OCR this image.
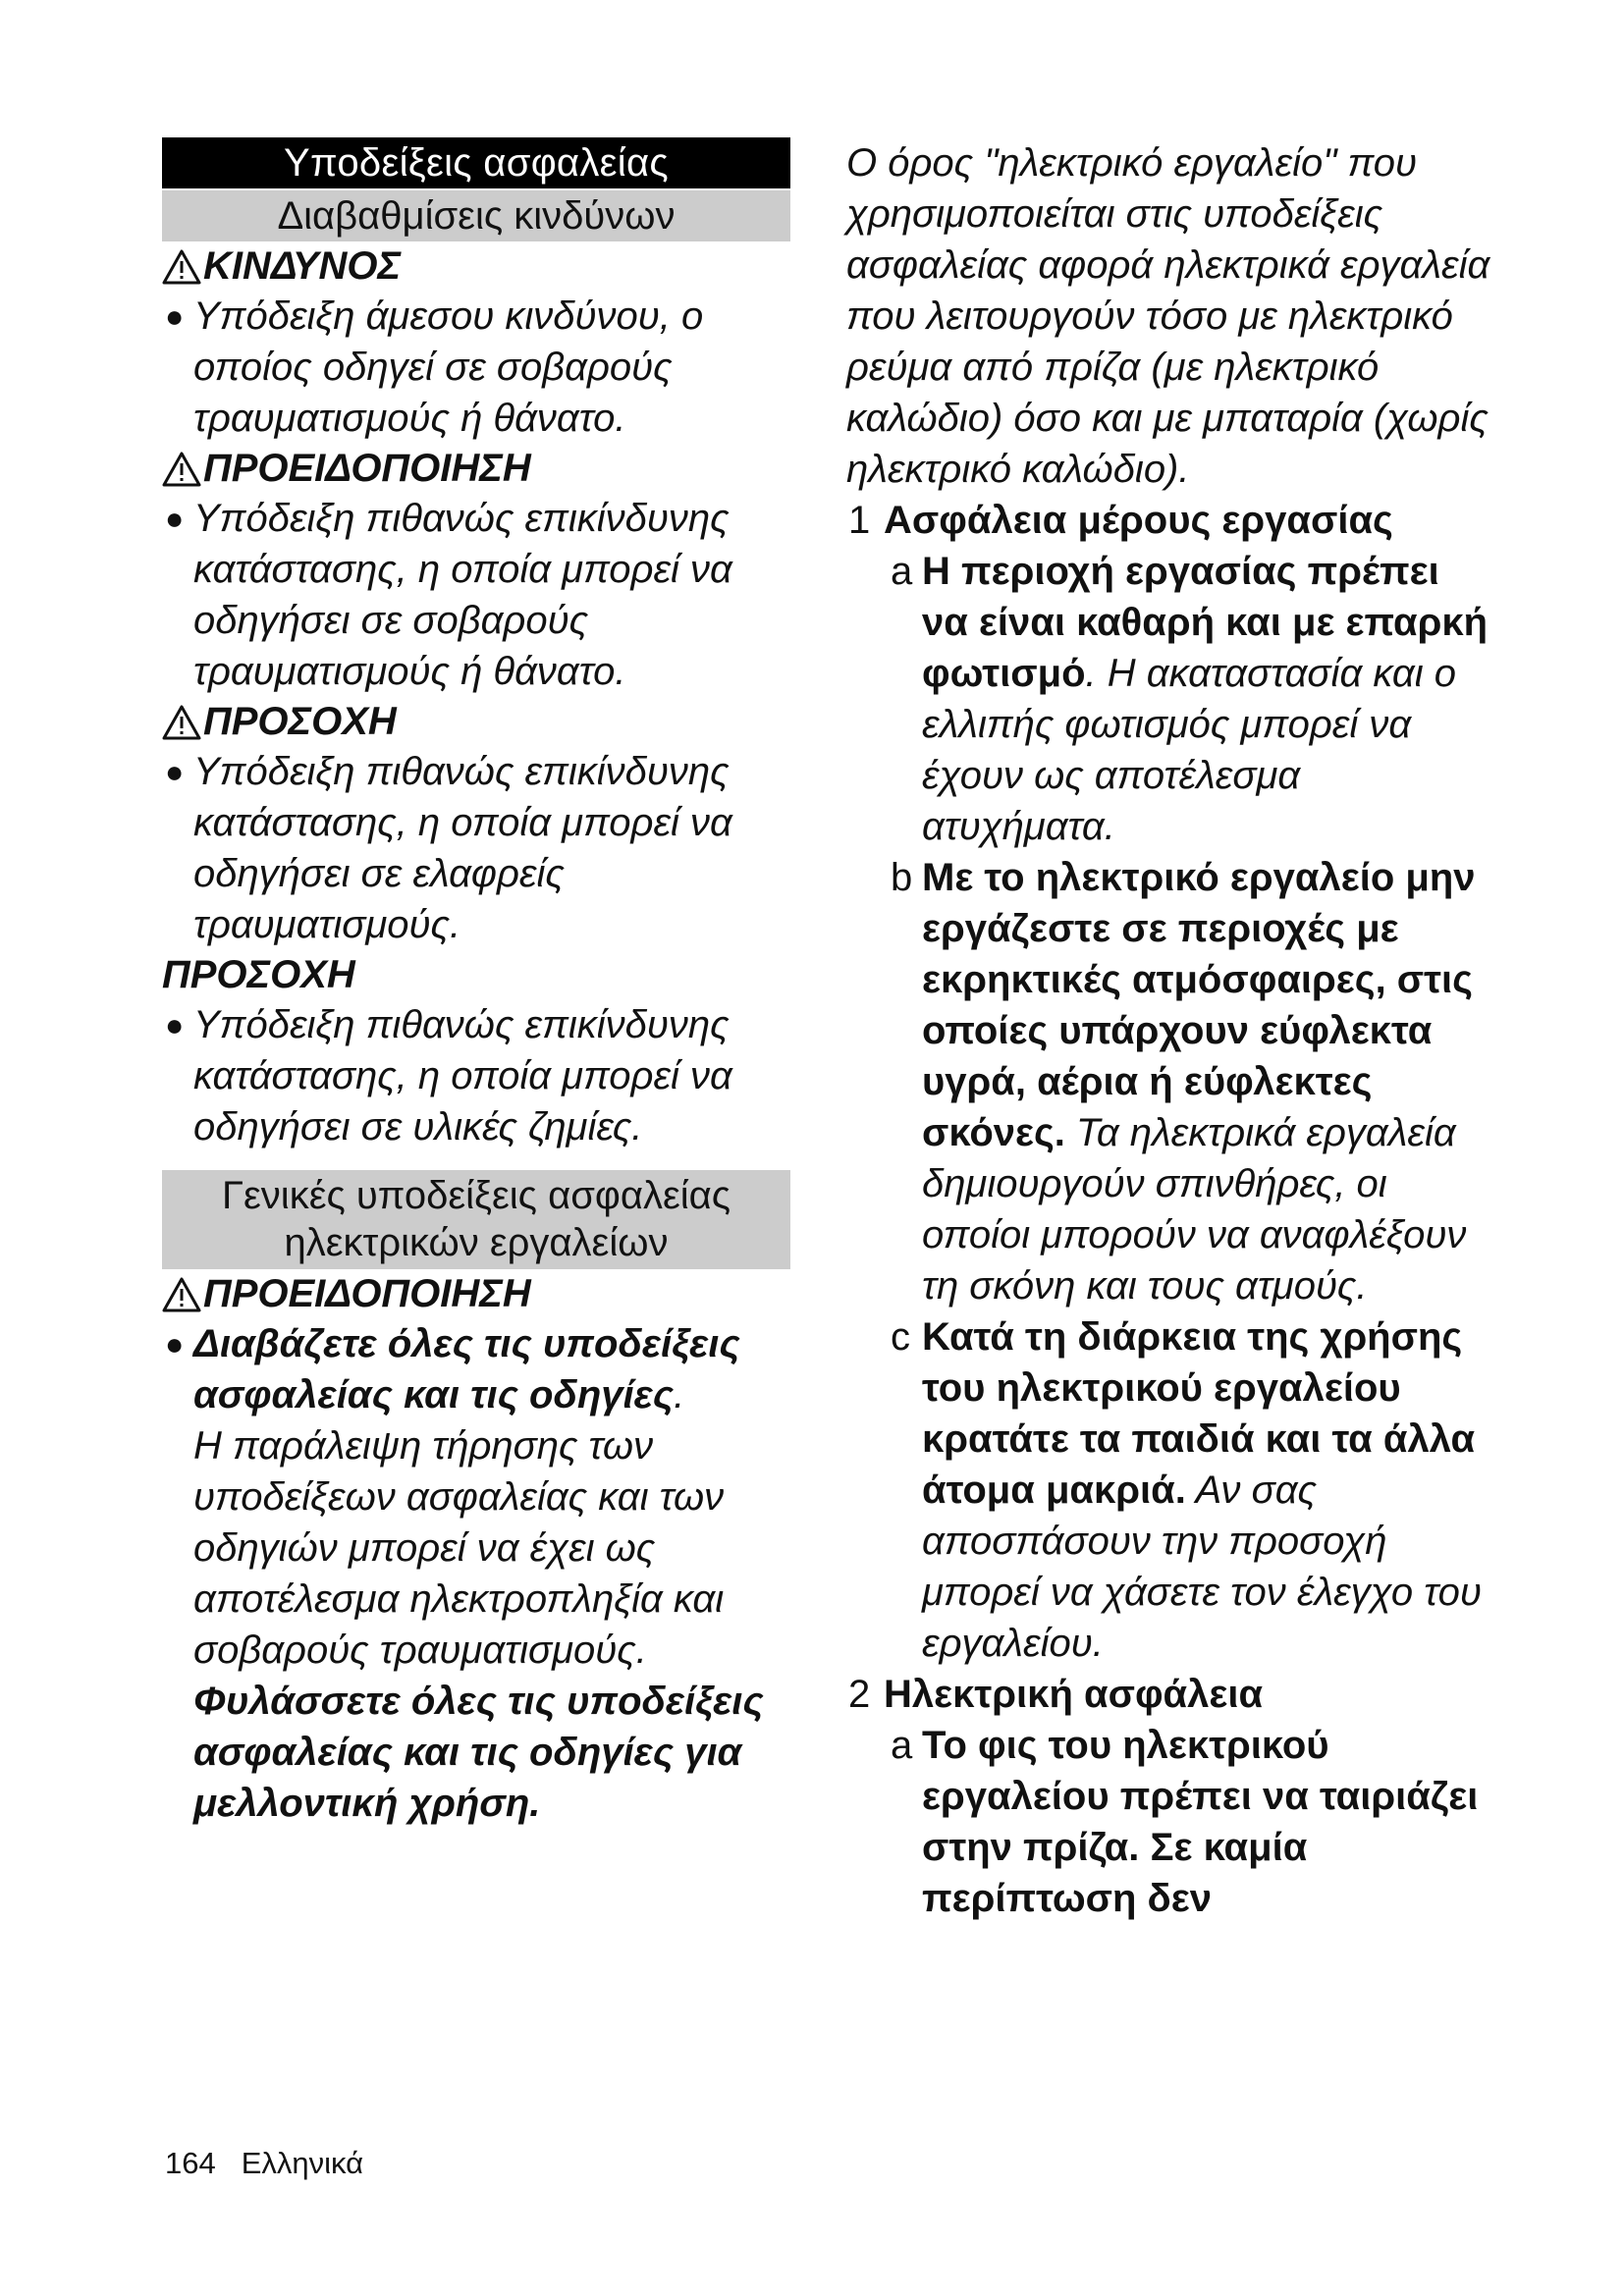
Υποδείξεις ασφαλείας
Διαβαθμίσεις κινδύνων
ΚΙΝΔΥΝΟΣ
● Υπόδειξη άμεσου κινδύνου, ο οποίος οδηγεί σε σοβαρούς τραυματισμούς ή θάνατο.
ΠΡΟΕΙΔΟΠΟΙΗΣΗ
● Υπόδειξη πιθανώς επικίνδυνης κατάστασης, η οποία μπορεί να οδηγήσει σε σοβαρούς τραυματισμούς ή θάνατο.
ΠΡΟΣΟΧΗ
● Υπόδειξη πιθανώς επικίνδυνης κατάστασης, η οποία μπορεί να οδηγήσει σε ελαφρείς τραυματισμούς.
ΠΡΟΣΟΧΗ
● Υπόδειξη πιθανώς επικίνδυνης κατάστασης, η οποία μπορεί να οδηγήσει σε υλικές ζημίες.
Γενικές υποδείξεις ασφαλείας
ηλεκτρικών εργαλείων
ΠΡΟΕΙΔΟΠΟΙΗΣΗ
● Διαβάζετε όλες τις υποδείξεις ασφαλείας και τις οδηγίες.
Η παράλειψη τήρησης των υποδείξεων ασφαλείας και των οδηγιών μπορεί να έχει ως αποτέλεσμα ηλεκτροπληξία και σοβαρούς τραυματισμούς.
Φυλάσσετε όλες τις υποδείξεις ασφαλείας και τις οδηγίες για μελλοντική χρήση.
Ο όρος "ηλεκτρικό εργαλείο" που χρησιμοποιείται στις υποδείξεις ασφαλείας αφορά ηλεκτρικά εργαλεία που λειτουργούν τόσο με ηλεκτρικό ρεύμα από πρίζα (με ηλεκτρικό καλώδιο) όσο και με μπαταρία (χωρίς ηλεκτρικό καλώδιο).
1 Ασφάλεια μέρους εργασίας
a Η περιοχή εργασίας πρέπει να είναι καθαρή και με επαρκή φωτισμό. Η ακαταστασία και ο ελλιπής φωτισμός μπορεί να έχουν ως αποτέλεσμα ατυχήματα.
b Με το ηλεκτρικό εργαλείο μην εργάζεστε σε περιοχές με εκρηκτικές ατμόσφαιρες, στις οποίες υπάρχουν εύφλεκτα υγρά, αέρια ή εύφλεκτες σκόνες. Τα ηλεκτρικά εργαλεία δημιουργούν σπινθήρες, οι οποίοι μπορούν να αναφλέξουν τη σκόνη και τους ατμούς.
c Κατά τη διάρκεια της χρήσης του ηλεκτρικού εργαλείου κρατάτε τα παιδιά και τα άλλα άτομα μακριά. Αν σας αποσπάσουν την προσοχή μπορεί να χάσετε τον έλεγχο του εργαλείου.
2 Ηλεκτρική ασφάλεια
a Το φις του ηλεκτρικού εργαλείου πρέπει να ταιριάζει στην πρίζα. Σε καμία περίπτωση δεν
164 Ελληνικά
